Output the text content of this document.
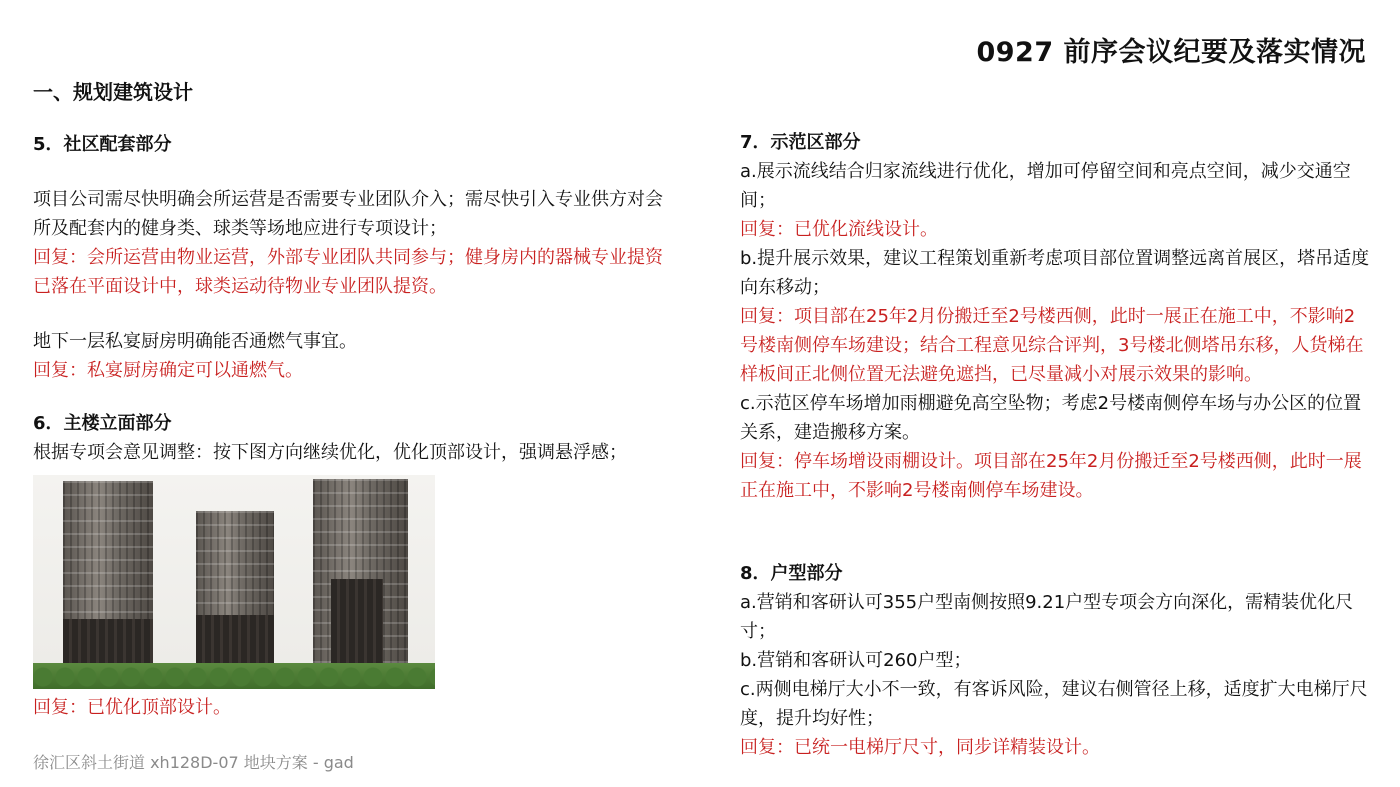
0927 前序会议纪要及落实情况
一、规划建筑设计
5．社区配套部分
项目公司需尽快明确会所运营是否需要专业团队介入；需尽快引入专业供方对会所及配套内的健身类、球类等场地应进行专项设计；
回复：会所运营由物业运营，外部专业团队共同参与；健身房内的器械专业提资已落在平面设计中，球类运动待物业专业团队提资。
地下一层私宴厨房明确能否通燃气事宜。
回复：私宴厨房确定可以通燃气。
6．主楼立面部分
根据专项会意见调整：按下图方向继续优化，优化顶部设计，强调悬浮感；
回复：已优化顶部设计。
7．示范区部分
a.展示流线结合归家流线进行优化，增加可停留空间和亮点空间，减少交通空间；
回复：已优化流线设计。
b.提升展示效果，建议工程策划重新考虑项目部位置调整远离首展区，塔吊适度向东移动；
回复：项目部在25年2月份搬迁至2号楼西侧，此时一展正在施工中，不影响2号楼南侧停车场建设；结合工程意见综合评判，3号楼北侧塔吊东移，人货梯在样板间正北侧位置无法避免遮挡，已尽量减小对展示效果的影响。
c.示范区停车场增加雨棚避免高空坠物；考虑2号楼南侧停车场与办公区的位置关系，建造搬移方案。
回复：停车场增设雨棚设计。项目部在25年2月份搬迁至2号楼西侧，此时一展正在施工中，不影响2号楼南侧停车场建设。
8．户型部分
a.营销和客研认可355户型南侧按照9.21户型专项会方向深化，需精装优化尺寸；
b.营销和客研认可260户型；
c.两侧电梯厅大小不一致，有客诉风险，建议右侧管径上移，适度扩大电梯厅尺度，提升均好性；
回复：已统一电梯厅尺寸，同步详精装设计。
徐汇区斜土街道 xh128D-07 地块方案 - gad
